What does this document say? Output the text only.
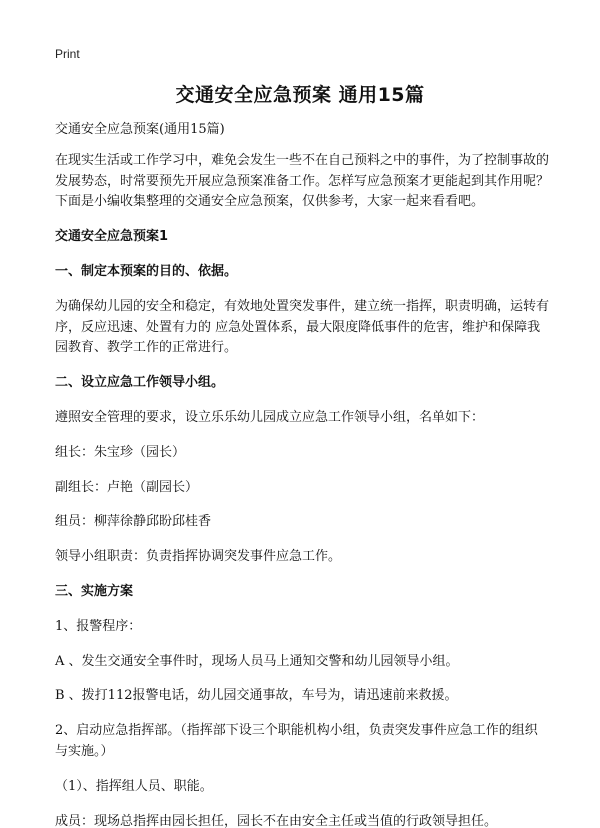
Print
交通安全应急预案 通用15篇

交通安全应急预案(通用15篇)

在现实生活或工作学习中，难免会发生一些不在自己预料之中的事件，为了控制事故的发展势态，时常要预先开展应急预案准备工作。怎样写应急预案才更能起到其作用呢？下面是小编收集整理的交通安全应急预案，仅供参考，大家一起来看看吧。

交通安全应急预案1

一、制定本预案的目的、依据。

为确保幼儿园的安全和稳定，有效地处置突发事件，建立统一指挥，职责明确，运转有序，反应迅速、处置有力的 应急处置体系，最大限度降低事件的危害，维护和保障我园教育、教学工作的正常进行。

二、设立应急工作领导小组。

遵照安全管理的要求，设立乐乐幼儿园成立应急工作领导小组，名单如下：

组长：朱宝珍（园长）

副组长：卢艳（副园长）

组员：柳萍徐静邱盼邱桂香

领导小组职责：负责指挥协调突发事件应急工作。

三、实施方案

1、报警程序：

A 、发生交通安全事件时，现场人员马上通知交警和幼儿园领导小组。

B 、拨打112报警电话，幼儿园交通事故，车号为，请迅速前来救援。

2、启动应急指挥部。（指挥部下设三个职能机构小组，负责突发事件应急工作的组织与实施。）

（1）、指挥组人员、职能。

成员：现场总指挥由园长担任，园长不在由安全主任或当值的行政领导担任。
